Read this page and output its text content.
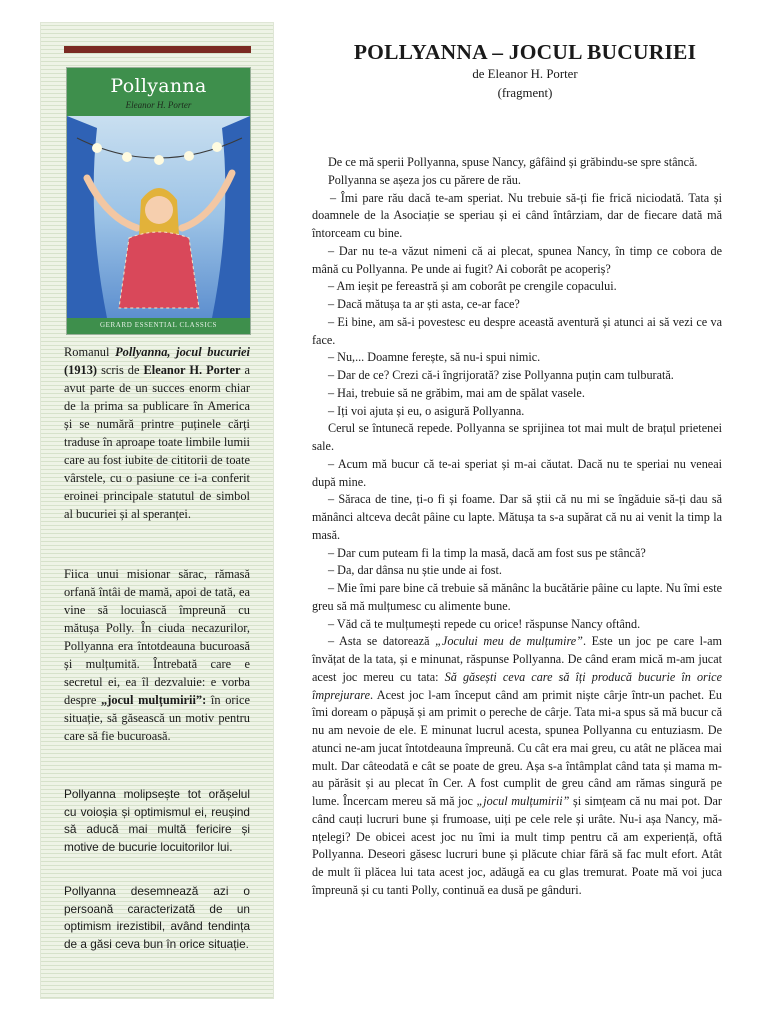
Pollyanna
Eleanor H. Porter
GERARD ESSENTIAL CLASSICS

Romanul Pollyanna, jocul bucuriei (1913) scris de Eleanor H. Porter a avut parte de un succes enorm chiar de la prima sa publicare în America și se numără printre puținele cărți traduse în aproape toate limbile lumii care au fost iubite de cititorii de toate vârstele, cu o pasiune ce i-a conferit eroinei principale statutul de simbol al bucuriei și al speranței.

Fiica unui misionar sărac, rămasă orfană întâi de mamă, apoi de tată, ea vine să locuiască împreună cu mătușa Polly. În ciuda necazurilor, Pollyanna era întotdeauna bucuroasă și mulțumită. Întrebată care e secretul ei, ea îl dezvaluie: e vorba despre „jocul mulțumirii”: în orice situație, să găsească un motiv pentru care să fie bucuroasă.

Pollyanna molipsește tot orășelul cu voioșia și optimismul ei, reușind să aducă mai multă fericire și motive de bucurie locuitorilor lui.

Pollyanna desemnează azi o persoană caracterizată de un optimism irezistibil, având tendința de a găsi ceva bun în orice situație.

POLLYANNA – JOCUL BUCURIEI
de Eleanor H. Porter
(fragment)

De ce mă sperii Pollyanna, spuse Nancy, gâfâind și grăbindu-se spre stâncă.

Pollyanna se așeza jos cu părere de rău.

– Îmi pare rău dacă te-am speriat. Nu trebuie să-ți fie frică niciodată. Tata și doamnele de la Asociație se speriau și ei când întârziam, dar de fiecare dată mă întorceam cu bine.

– Dar nu te-a văzut nimeni că ai plecat, spunea Nancy, în timp ce cobora de mână cu Pollyanna. Pe unde ai fugit? Ai coborât pe acoperiș?

– Am ieșit pe fereastră și am coborât pe crengile copacului.

– Dacă mătușa ta ar ști asta, ce-ar face?

– Ei bine, am să-i povestesc eu despre această aventură și atunci ai să vezi ce va face.

– Nu,... Doamne ferește, să nu-i spui nimic.

– Dar de ce? Crezi că-i îngrijorată? zise Pollyanna puțin cam tulburată.

– Hai, trebuie să ne grăbim, mai am de spălat vasele.

– Iți voi ajuta și eu, o asigură Pollyanna.

Cerul se întunecă repede. Pollyanna se sprijinea tot mai mult de brațul prietenei sale.

– Acum mă bucur că te-ai speriat și m-ai căutat. Dacă nu te speriai nu veneai după mine.

– Săraca de tine, ți-o fi și foame. Dar să știi că nu mi se îngăduie să-ți dau să mănânci altceva decât pâine cu lapte. Mătușa ta s-a supărat că nu ai venit la timp la masă.

– Dar cum puteam fi la timp la masă, dacă am fost sus pe stâncă?

– Da, dar dânsa nu știe unde ai fost.

– Mie îmi pare bine că trebuie să mănânc la bucătărie pâine cu lapte. Nu îmi este greu să mă mulțumesc cu alimente bune.

– Văd că te mulțumești repede cu orice! răspunse Nancy oftând.

– Asta se datorează „Jocului meu de mulțumire”. Este un joc pe care l-am învățat de la tata, și e minunat, răspunse Pollyanna. De când eram mică m-am jucat acest joc mereu cu tata: Să găsești ceva care să îți producă bucurie în orice împrejurare. Acest joc l-am început când am primit niște cârje într-un pachet. Eu îmi doream o păpușă și am primit o pereche de cârje. Tata mi-a spus să mă bucur că nu am nevoie de ele. E minunat lucrul acesta, spunea Pollyanna cu entuziasm. De atunci ne-am jucat întotdeauna împreună. Cu cât era mai greu, cu atât ne plăcea mai mult. Dar câteodată e cât se poate de greu. Așa s-a întâmplat când tata și mama m-au părăsit și au plecat în Cer. A fost cumplit de greu când am rămas singură pe lume. Încercam mereu să mă joc „jocul mulțumirii” și simțeam că nu mai pot. Dar când cauți lucruri bune și frumoase, uiți pe cele rele și urâte. Nu-i așa Nancy, mă-nțelegi? De obicei acest joc nu îmi ia mult timp pentru că am experiență, oftă Pollyanna. Deseori găsesc lucruri bune și plăcute chiar fără să fac mult efort. Atât de mult îi plăcea lui tata acest joc, adăugă ea cu glas tremurat. Poate mă voi juca împreună și cu tanti Polly, continuă ea dusă pe gânduri.
